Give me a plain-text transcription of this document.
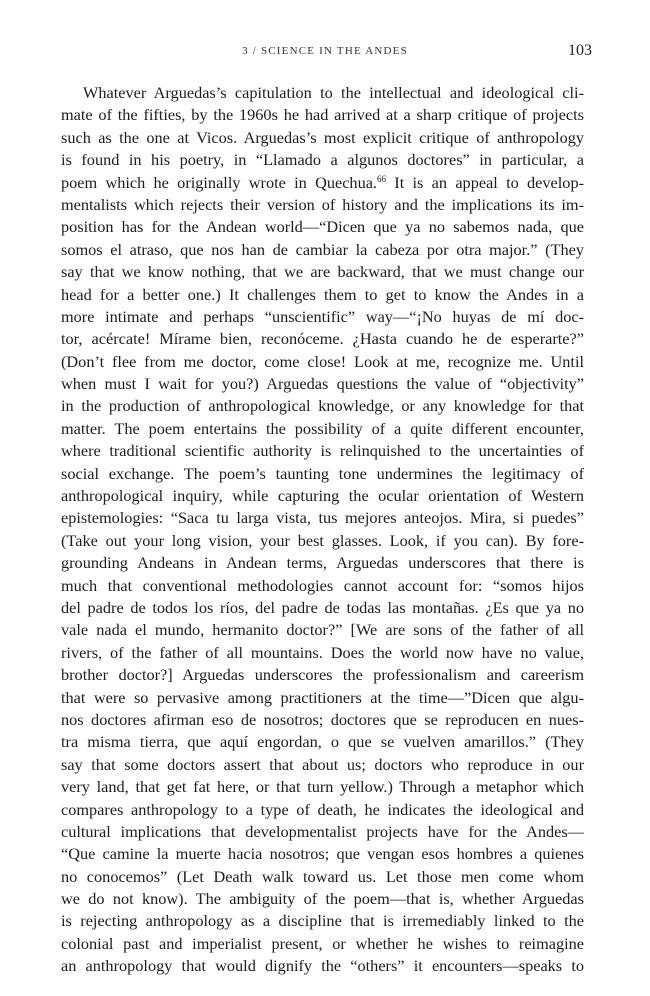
3 / SCIENCE IN THE ANDES	103
Whatever Arguedas’s capitulation to the intellectual and ideological cli-
mate of the fifties, by the 1960s he had arrived at a sharp critique of projects
such as the one at Vicos. Arguedas’s most explicit critique of anthropology
is found in his poetry, in “Llamado a algunos doctores” in particular, a
poem which he originally wrote in Quechua.$^{66}$ It is an appeal to develop-
mentalists which rejects their version of history and the implications its im-
position has for the Andean world—“Dicen que ya no sabemos nada, que
somos el atraso, que nos han de cambiar la cabeza por otra major.” (They
say that we know nothing, that we are backward, that we must change our
head for a better one.) It challenges them to get to know the Andes in a
more intimate and perhaps “unscientific” way—“¡No huyas de mí doc-
tor, acércate! Mírame bien, reconóceme. ¿Hasta cuando he de esperarte?”
(Don’t flee from me doctor, come close! Look at me, recognize me. Until
when must I wait for you?) Arguedas questions the value of “objectivity”
in the production of anthropological knowledge, or any knowledge for that
matter. The poem entertains the possibility of a quite different encounter,
where traditional scientific authority is relinquished to the uncertainties of
social exchange. The poem’s taunting tone undermines the legitimacy of
anthropological inquiry, while capturing the ocular orientation of Western
epistemologies: “Saca tu larga vista, tus mejores anteojos. Mira, si puedes”
(Take out your long vision, your best glasses. Look, if you can). By fore-
grounding Andeans in Andean terms, Arguedas underscores that there is
much that conventional methodologies cannot account for: “somos hijos
del padre de todos los ríos, del padre de todas las montañas. ¿Es que ya no
vale nada el mundo, hermanito doctor?” [We are sons of the father of all
rivers, of the father of all mountains. Does the world now have no value,
brother doctor?] Arguedas underscores the professionalism and careerism
that were so pervasive among practitioners at the time—”Dicen que algu-
nos doctores afirman eso de nosotros; doctores que se reproducen en nues-
tra misma tierra, que aquí engordan, o que se vuelven amarillos.” (They
say that some doctors assert that about us; doctors who reproduce in our
very land, that get fat here, or that turn yellow.) Through a metaphor which
compares anthropology to a type of death, he indicates the ideological and
cultural implications that developmentalist projects have for the Andes—
“Que camine la muerte hacia nosotros; que vengan esos hombres a quienes
no conocemos” (Let Death walk toward us. Let those men come whom
we do not know). The ambiguity of the poem—that is, whether Arguedas
is rejecting anthropology as a discipline that is irremediably linked to the
colonial past and imperialist present, or whether he wishes to reimagine
an anthropology that would dignify the “others” it encounters—speaks to
